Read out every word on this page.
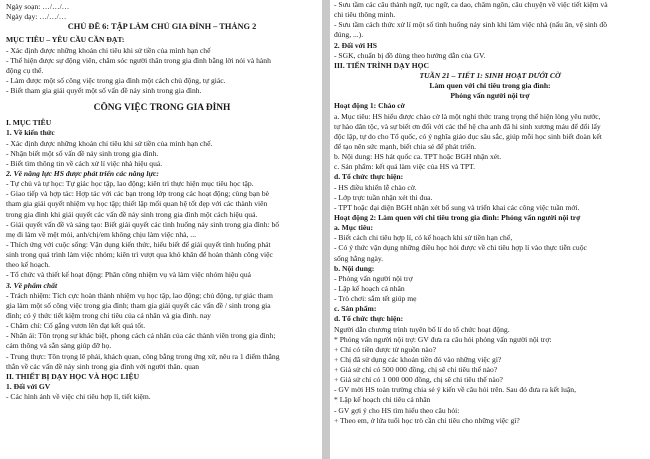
Ngày soạn: …/…/…
Ngày dạy: …/…/…
CHỦ ĐỀ 6: TẬP LÀM CHỦ GIA ĐÌNH – THÁNG 2
MỤC TIÊU – YÊU CẦU CẦN ĐẠT:
- Xác định được những khoản chi tiêu khi sử tiền của mình hạn chế
- Thể hiện được sự động viên, chăm sóc người thân trong gia đình bằng lời nói và hành
động cụ thể.
- Làm được một số công việc trong gia đình một cách chủ động, tự giác.
- Biết tham gia giải quyết một số vấn đề nảy sinh trong gia đình.
CÔNG VIỆC TRONG GIA ĐÌNH
I. MỤC TIÊU
1. Về kiến thức
- Xác định được những khoản chi tiêu khi sử tiền của mình hạn chế.
- Nhận biết một số vấn đề nảy sinh trong gia đình.
- Biết tìm thông tin về cách xử lí việc nhà hiệu quả.
2. Về năng lực HS được phát triển các năng lực:
- Tự chủ và tự học: Tự giác học tập, lao động; kiên trì thực hiện mục tiêu học tập.
- Giao tiếp và hợp tác: Hợp tác với các bạn trong lớp trong các hoạt động; cùng bạn bè
tham gia giải quyết nhiệm vụ học tập; thiết lập mối quan hệ tốt đẹp với các thành viên
trong gia đình khi giải quyết các vấn đề nảy sinh trong gia đình một cách hiệu quả.
- Giải quyết vấn đề và sáng tạo: Biết giải quyết các tình huống nảy sinh trong gia đình: bố
mẹ đi làm về mệt mỏi, anh/chị/em không chịu làm việc nhà, ...
- Thích ứng với cuộc sống: Vận dụng kiến thức, hiểu biết để giải quyết tình huống phát
sinh trong quá trình làm việc nhóm; kiên trì vượt qua khó khăn để hoàn thành công việc
theo kế hoạch.
- Tổ chức và thiết kế hoạt động: Phân công nhiệm vụ và làm việc nhóm hiệu quả
3. Về phẩm chất
- Trách nhiệm: Tích cực hoàn thành nhiệm vụ học tập, lao động; chủ động, tự giác tham
gia làm một số công việc trong gia đình; tham gia giải quyết các vấn đề / sinh trong gia
đình; có ý thức tiết kiệm trong chi tiêu của cá nhân và gia đình. nay
- Chăm chỉ: Cố gắng vươn lên đạt kết quả tốt.
- Nhân ái: Tôn trọng sự khác biệt, phong cách cá nhân của các thành viên trong gia đình;
cảm thông và sẵn sàng giúp đỡ họ.
- Trung thực: Tôn trọng lẽ phải, khách quan, công bằng trong ứng xử, nêu ra 1 điểm thẳng
thắn về các vấn đề nảy sinh trong gia đình với người thân. quan
II. THIẾT BỊ DẠY HỌC VÀ HỌC LIỆU
1. Đối với GV
- Các hình ảnh về việc chi tiêu hợp lí, tiết kiệm.
- Sưu tầm các câu thành ngữ, tục ngữ, ca dao, châm ngôn, câu chuyện về việc tiết kiệm và
chi tiêu thông minh.
- Sưu tầm cách thức xử lí một số tình huống nảy sinh khi làm việc nhà (nấu ăn, vệ sinh đồ
đúng, ...).
2. Đối với HS
- SGK, chuẩn bị đồ dùng theo hướng dẫn của GV.
III. TIẾN TRÌNH DẠY HỌC
TUẦN 21 – TIẾT 1: SINH HOẠT DƯỚI CỜ
Làm quen với chi tiêu trong gia đình:
Phỏng vấn người nội trợ
Hoạt động 1: Chào cờ
a. Mục tiêu: HS hiểu được chào cờ là một nghi thức trang trọng thể hiện lòng yêu nước,
tự hào dân tộc, và sự biết ơn đối với các thế hệ cha anh đã hi sinh xương máu để đổi lấy
độc lập, tự do cho Tổ quốc, có ý nghĩa giáo dục sâu sắc, giúp mỗi học sinh biết đoàn kết
để tạo nên sức mạnh, biết chia sẻ để phát triển.
b. Nội dung: HS hát quốc ca. TPT hoặc BGH nhận xét.
c. Sản phẩm: kết quả làm việc của HS và TPT.
d. Tổ chức thực hiện:
- HS điều khiển lễ chào cờ.
- Lớp trực tuần nhận xét thi đua.
- TPT hoặc đại diện BGH nhận xét bổ sung và triển khai các công việc tuần mới.
Hoạt động 2: Làm quen với chi tiêu trong gia đình: Phỏng vấn người nội trợ
a. Mục tiêu:
- Biết cách chi tiêu hợp lí, có kế hoạch khi sử tiền hạn chế,
- Có ý thức vận dụng những điều học hỏi được về chi tiêu hợp lí vào thực tiễn cuộc
sống hằng ngày.
b. Nội dung:
- Phỏng vấn người nội trợ
- Lập kế hoạch cá nhân
- Trò chơi: sắm tết giúp mẹ
c. Sản phẩm:
d. Tổ chức thực hiện:
Người dẫn chương trình tuyên bố lí do tổ chức hoạt động.
* Phỏng vấn người nội trợ: GV đưa ra câu hỏi phỏng vấn người nội trợ:
+ Chỉ có tiền được từ nguồn nào?
+ Chị đã sử dụng các khoản tiền đó vào những việc gì?
+ Giả sử chỉ có 500 000 đồng, chị sẽ chi tiêu thế nào?
+ Giả sử chỉ có 1 000 000 đồng, chị sẽ chi tiêu thế nào?
- GV mời HS toàn trường chia sẻ ý kiến về câu hỏi trên. Sau đó đưa ra kết luận,
* Lập kế hoạch chi tiêu cá nhân
- GV gợi ý cho HS tìm hiểu theo câu hỏi:
+ Theo em, ở lứa tuổi học trò cần chi tiêu cho những việc gì?
